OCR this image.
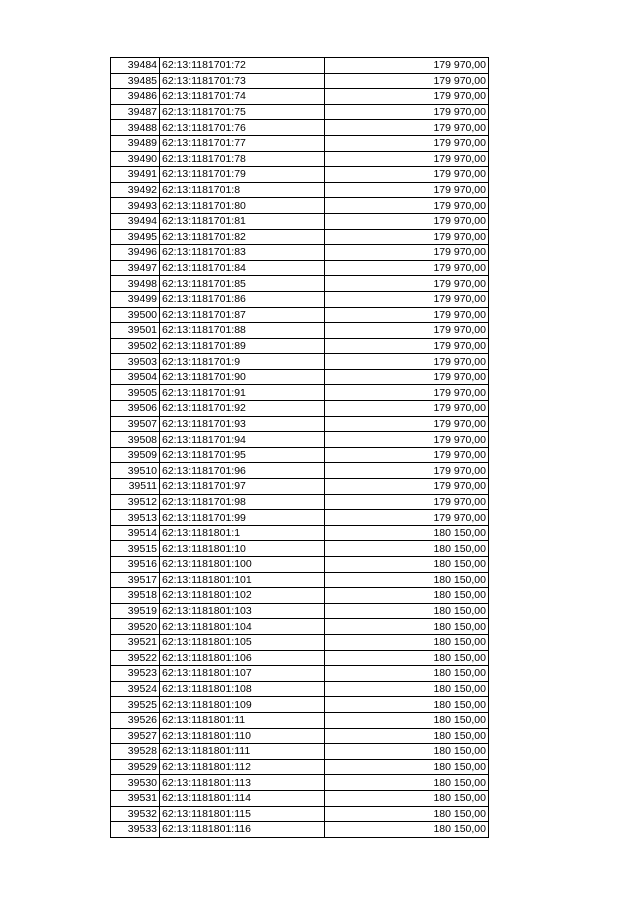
39484	62:13:1181701:72	179 970,00
39485	62:13:1181701:73	179 970,00
39486	62:13:1181701:74	179 970,00
39487	62:13:1181701:75	179 970,00
39488	62:13:1181701:76	179 970,00
39489	62:13:1181701:77	179 970,00
39490	62:13:1181701:78	179 970,00
39491	62:13:1181701:79	179 970,00
39492	62:13:1181701:8	179 970,00
39493	62:13:1181701:80	179 970,00
39494	62:13:1181701:81	179 970,00
39495	62:13:1181701:82	179 970,00
39496	62:13:1181701:83	179 970,00
39497	62:13:1181701:84	179 970,00
39498	62:13:1181701:85	179 970,00
39499	62:13:1181701:86	179 970,00
39500	62:13:1181701:87	179 970,00
39501	62:13:1181701:88	179 970,00
39502	62:13:1181701:89	179 970,00
39503	62:13:1181701:9	179 970,00
39504	62:13:1181701:90	179 970,00
39505	62:13:1181701:91	179 970,00
39506	62:13:1181701:92	179 970,00
39507	62:13:1181701:93	179 970,00
39508	62:13:1181701:94	179 970,00
39509	62:13:1181701:95	179 970,00
39510	62:13:1181701:96	179 970,00
39511	62:13:1181701:97	179 970,00
39512	62:13:1181701:98	179 970,00
39513	62:13:1181701:99	179 970,00
39514	62:13:1181801:1	180 150,00
39515	62:13:1181801:10	180 150,00
39516	62:13:1181801:100	180 150,00
39517	62:13:1181801:101	180 150,00
39518	62:13:1181801:102	180 150,00
39519	62:13:1181801:103	180 150,00
39520	62:13:1181801:104	180 150,00
39521	62:13:1181801:105	180 150,00
39522	62:13:1181801:106	180 150,00
39523	62:13:1181801:107	180 150,00
39524	62:13:1181801:108	180 150,00
39525	62:13:1181801:109	180 150,00
39526	62:13:1181801:11	180 150,00
39527	62:13:1181801:110	180 150,00
39528	62:13:1181801:111	180 150,00
39529	62:13:1181801:112	180 150,00
39530	62:13:1181801:113	180 150,00
39531	62:13:1181801:114	180 150,00
39532	62:13:1181801:115	180 150,00
39533	62:13:1181801:116	180 150,00
